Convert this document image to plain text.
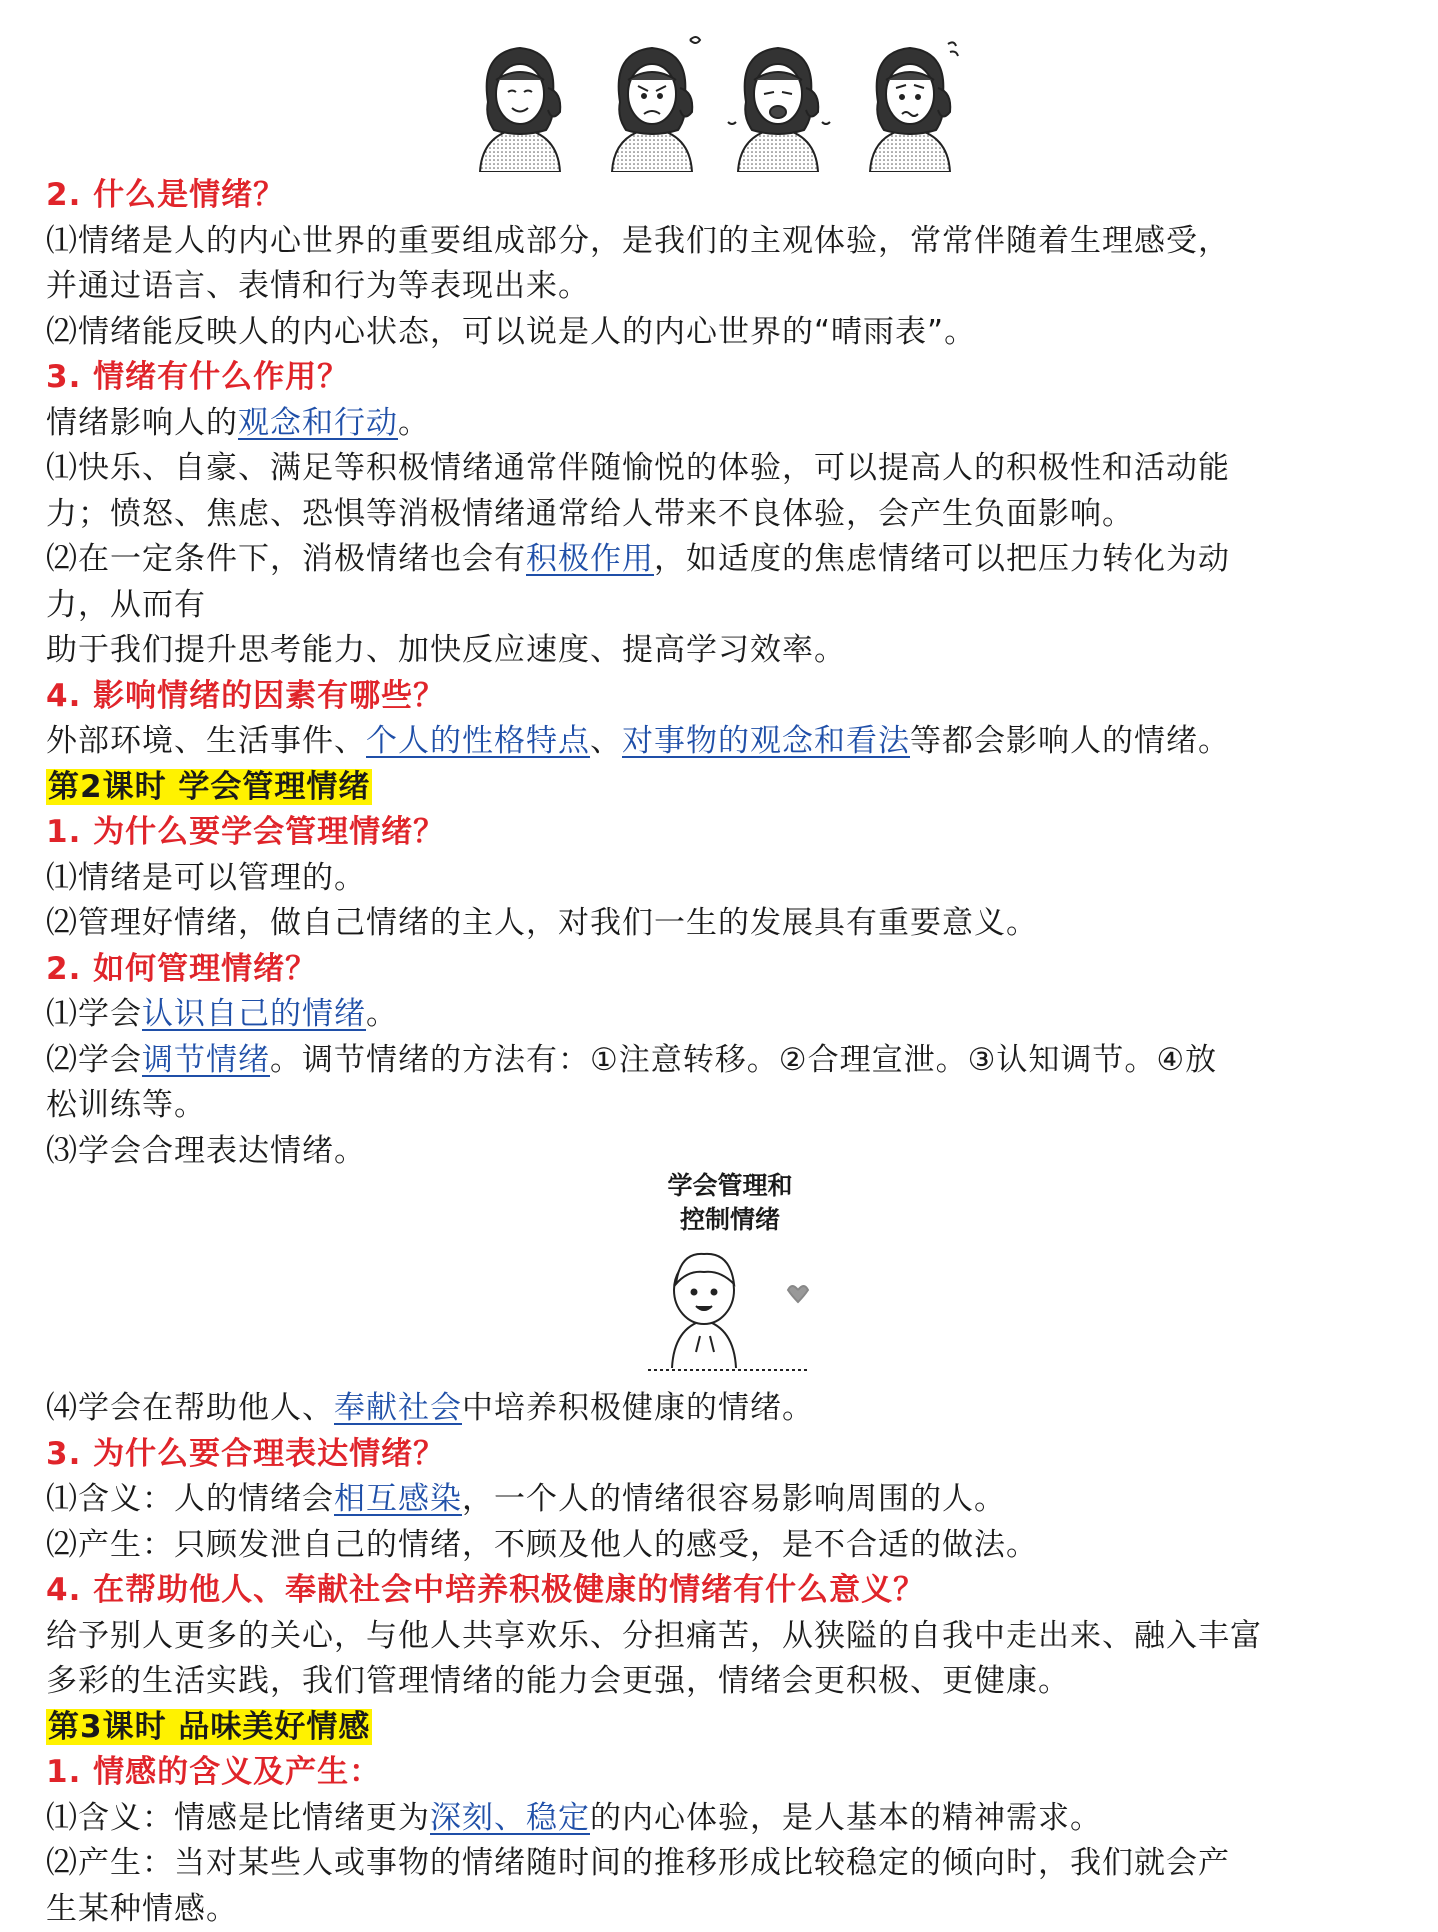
学会管理和
控制情绪
2. 什么是情绪？
⑴情绪是人的内心世界的重要组成部分，是我们的主观体验，常常伴随着生理感受，
并通过语言、表情和行为等表现出来。
⑵情绪能反映人的内心状态，可以说是人的内心世界的“晴雨表”。
3. 情绪有什么作用？
情绪影响人的观念和行动。
⑴快乐、自豪、满足等积极情绪通常伴随愉悦的体验，可以提高人的积极性和活动能
力；愤怒、焦虑、恐惧等消极情绪通常给人带来不良体验，会产生负面影响。
⑵在一定条件下，消极情绪也会有积极作用，如适度的焦虑情绪可以把压力转化为动
力，从而有
助于我们提升思考能力、加快反应速度、提高学习效率。
4. 影响情绪的因素有哪些？
外部环境、生活事件、个人的性格特点、对事物的观念和看法等都会影响人的情绪。
第2课时 学会管理情绪
1. 为什么要学会管理情绪？
⑴情绪是可以管理的。
⑵管理好情绪，做自己情绪的主人，对我们一生的发展具有重要意义。
2. 如何管理情绪？
⑴学会认识自己的情绪。
⑵学会调节情绪。调节情绪的方法有：①注意转移。②合理宣泄。③认知调节。④放
松训练等。
⑶学会合理表达情绪。
⑷学会在帮助他人、奉献社会中培养积极健康的情绪。
3. 为什么要合理表达情绪？
⑴含义：人的情绪会相互感染，一个人的情绪很容易影响周围的人。
⑵产生：只顾发泄自己的情绪，不顾及他人的感受，是不合适的做法。
4. 在帮助他人、奉献社会中培养积极健康的情绪有什么意义？
给予别人更多的关心，与他人共享欢乐、分担痛苦，从狭隘的自我中走出来、融入丰富
多彩的生活实践，我们管理情绪的能力会更强，情绪会更积极、更健康。
第3课时 品味美好情感
1. 情感的含义及产生：
⑴含义：情感是比情绪更为深刻、稳定的内心体验，是人基本的精神需求。
⑵产生：当对某些人或事物的情绪随时间的推移形成比较稳定的倾向时，我们就会产
生某种情感。
